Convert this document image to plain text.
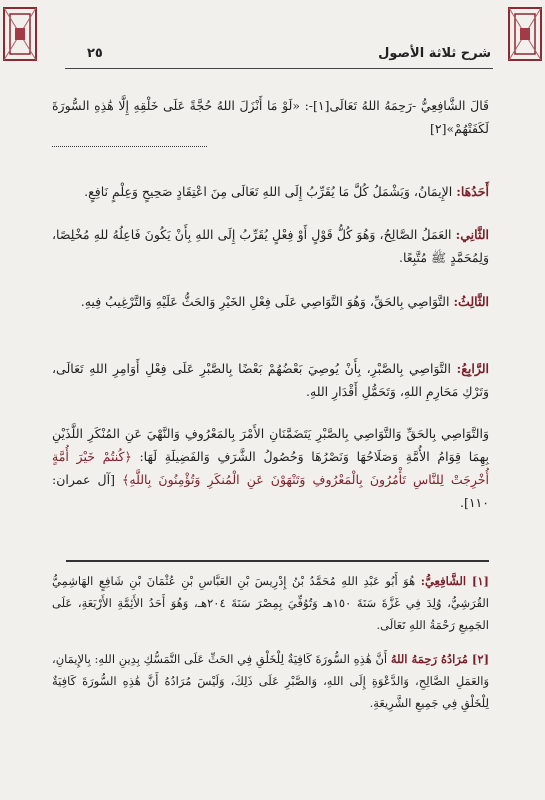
٢٥	شرح ثلاثة الأصول

قَالَ الشَّافِعِيُّ -رَحِمَهُ اللهُ تَعَالَى[١]-: «لَوْ مَا أَنْزَلَ اللهُ حُجَّةً عَلَى خَلْقِهِ إِلَّا هَٰذِهِ السُّورَةَ لَكَفَتْهُمْ»[٢]

أَحَدُهَا: الإِيمَانُ، وَيَشْمَلُ كُلَّ مَا يُقَرِّبُ إِلَى اللهِ تَعَالَى مِنَ اعْتِقَادٍ صَحِيحٍ وَعِلْمٍ نَافِعٍ.

الثَّانِي: العَمَلُ الصَّالِحُ، وَهُوَ كُلُّ قَوْلٍ أَوْ فِعْلٍ يُقَرِّبُ إِلَى اللهِ بِأَنْ يَكُونَ فَاعِلُهُ للهِ مُخْلِصًا، وَلِمُحَمَّدٍ ﷺ مُتَّبِعًا.

الثَّالِثُ: التَّوَاصِي بِالحَقِّ، وَهُوَ التَّوَاصِي عَلَى فِعْلِ الخَيْرِ وَالحَثُّ عَلَيْهِ وَالتَّرْغِيبُ فِيهِ.

الرَّابِعُ: التَّوَاصِي بِالصَّبْرِ، بِأَنْ يُوصِيَ بَعْضُهُمْ بَعْضًا بِالصَّبْرِ عَلَى فِعْلِ أَوَامِرِ اللهِ تَعَالَى، وَتَرْكِ مَحَارِمِ اللهِ، وَتَحَمُّلِ أَقْدَارِ اللهِ.

وَالتَّوَاصِي بِالحَقِّ وَالتَّوَاصِي بِالصَّبْرِ يَتَضَمَّنَانِ الأَمْرَ بِالمَعْرُوفِ وَالنَّهْيَ عَنِ المُنْكَرِ اللَّذَيْنِ بِهِمَا قِوَامُ الأُمَّةِ وَصَلَاحُهَا وَنَصْرُهَا وَحُصُولُ الشَّرَفِ وَالفَضِيلَةِ لَهَا: ﴿كُنتُمْ خَيْرَ أُمَّةٍ أُخْرِجَتْ لِلنَّاسِ تَأْمُرُونَ بِالْمَعْرُوفِ وَتَنْهَوْنَ عَنِ الْمُنكَرِ وَتُؤْمِنُونَ بِاللَّهِ﴾ [آل عمران: ١١٠].

[١] الشَّافِعِيُّ: هُوَ أَبُو عَبْدِ اللهِ مُحَمَّدُ بْنُ إِدْرِيسَ بْنِ العَبَّاسِ بْنِ عُثْمَانَ بْنِ شَافِعٍ الهَاشِمِيُّ القُرَشِيُّ، وُلِدَ فِي غَزَّةَ سَنَةَ ١٥٠هـ وَتُوُفِّيَ بِمِصْرَ سَنَةَ ٢٠٤هـ، وَهُوَ أَحَدُ الأَئِمَّةِ الأَرْبَعَةِ، عَلَى الجَمِيعِ رَحْمَةُ اللهِ تَعَالَى.

[٢] مُرَادُهُ رَحِمَهُ اللهُ أَنَّ هَٰذِهِ السُّورَةَ كَافِيَةٌ لِلْخَلْقِ فِي الحَثِّ عَلَى التَّمَسُّكِ بِدِينِ اللهِ: بِالإِيمَانِ، وَالعَمَلِ الصَّالِحِ، وَالدَّعْوَةِ إِلَى اللهِ، وَالصَّبْرِ عَلَى ذَلِكَ، وَلَيْسَ مُرَادُهُ أَنَّ هَٰذِهِ السُّورَةَ كَافِيَةٌ لِلْخَلْقِ فِي جَمِيعِ الشَّرِيعَةِ.
